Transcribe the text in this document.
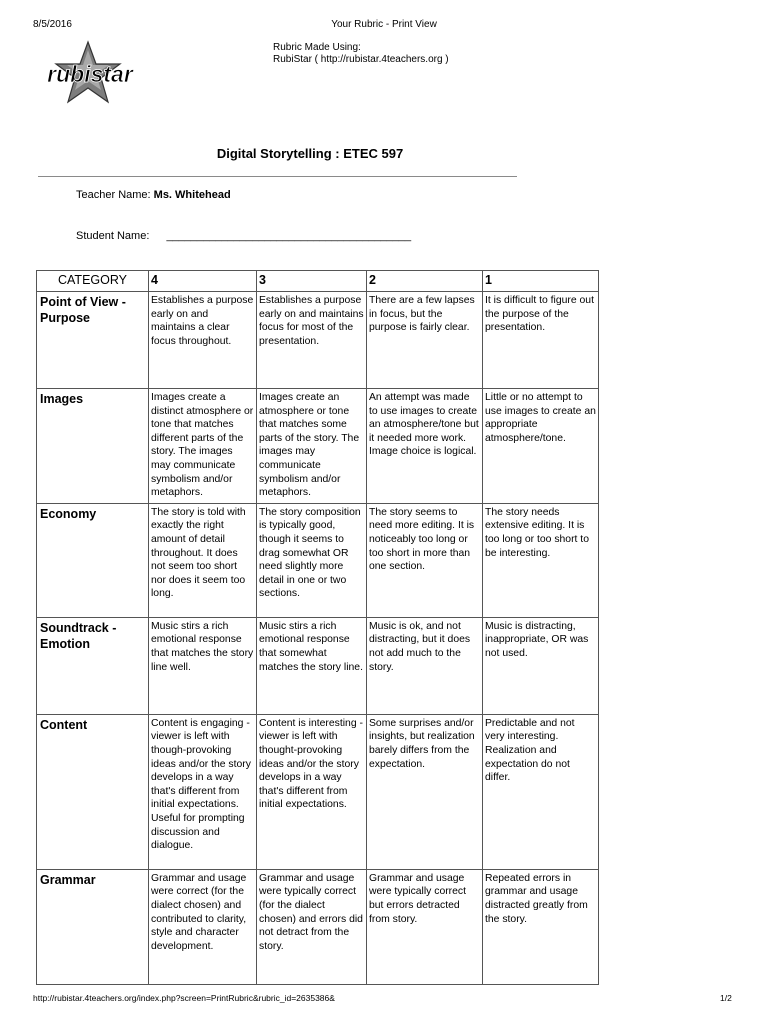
8/5/2016	Your Rubric - Print View
rubistar
Rubric Made Using:
RubiStar ( http://rubistar.4teachers.org )
Digital Storytelling : ETEC 597
Teacher Name: Ms. Whitehead
Student Name: ________________________________________
CATEGORY	4	3	2	1
Point of View - Purpose	Establishes a purpose early on and maintains a clear focus throughout.	Establishes a purpose early on and maintains focus for most of the presentation.	There are a few lapses in focus, but the purpose is fairly clear.	It is difficult to figure out the purpose of the presentation.
Images	Images create a distinct atmosphere or tone that matches different parts of the story. The images may communicate symbolism and/or metaphors.	Images create an atmosphere or tone that matches some parts of the story. The images may communicate symbolism and/or metaphors.	An attempt was made to use images to create an atmosphere/tone but it needed more work. Image choice is logical.	Little or no attempt to use images to create an appropriate atmosphere/tone.
Economy	The story is told with exactly the right amount of detail throughout. It does not seem too short nor does it seem too long.	The story composition is typically good, though it seems to drag somewhat OR need slightly more detail in one or two sections.	The story seems to need more editing. It is noticeably too long or too short in more than one section.	The story needs extensive editing. It is too long or too short to be interesting.
Soundtrack - Emotion	Music stirs a rich emotional response that matches the story line well.	Music stirs a rich emotional response that somewhat matches the story line.	Music is ok, and not distracting, but it does not add much to the story.	Music is distracting, inappropriate, OR was not used.
Content	Content is engaging - viewer is left with though-provoking ideas and/or the story develops in a way that's different from initial expectations. Useful for prompting discussion and dialogue.	Content is interesting - viewer is left with thought-provoking ideas and/or the story develops in a way that's different from initial expectations.	Some surprises and/or insights, but realization barely differs from the expectation.	Predictable and not very interesting. Realization and expectation do not differ.
Grammar	Grammar and usage were correct (for the dialect chosen) and contributed to clarity, style and character development.	Grammar and usage were typically correct (for the dialect chosen) and errors did not detract from the story.	Grammar and usage were typically correct but errors detracted from story.	Repeated errors in grammar and usage distracted greatly from the story.
http://rubistar.4teachers.org/index.php?screen=PrintRubric&rubric_id=2635386&	1/2
